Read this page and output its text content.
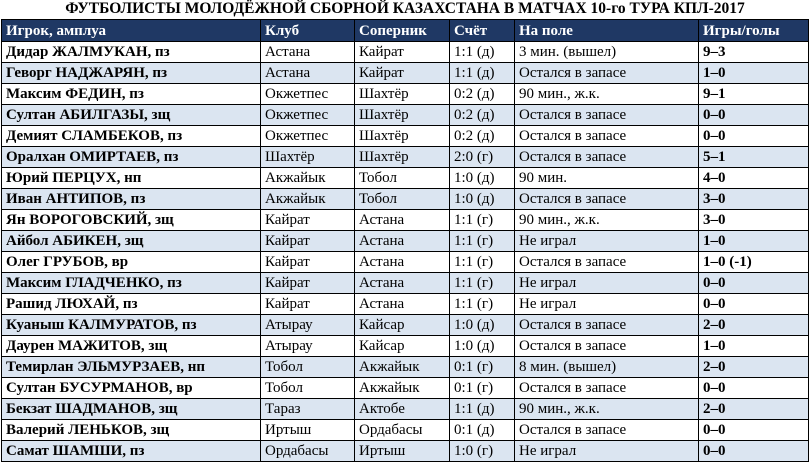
ФУТБОЛИСТЫ МОЛОДЁЖНОЙ СБОРНОЙ КАЗАХСТАНА В МАТЧАХ 10-го ТУРА КПЛ-2017
Игрок, амплуа	Клуб	Соперник	Счёт	На поле	Игры/голы
Дидар ЖАЛМУКАН, пз	Астана	Кайрат	1:1 (д)	3 мин. (вышел)	9–3
Геворг НАДЖАРЯН, пз	Астана	Кайрат	1:1 (д)	Остался в запасе	1–0
Максим ФЕДИН, пз	Окжетпес	Шахтёр	0:2 (д)	90 мин., ж.к.	9–1
Султан АБИЛГАЗЫ, зщ	Окжетпес	Шахтёр	0:2 (д)	Остался в запасе	0–0
Демият СЛАМБЕКОВ, пз	Окжетпес	Шахтёр	0:2 (д)	Остался в запасе	0–0
Оралхан ОМИРТАЕВ, пз	Шахтёр	Шахтёр	2:0 (г)	Остался в запасе	5–1
Юрий ПЕРЦУХ, нп	Акжайык	Тобол	1:0 (д)	90 мин.	4–0
Иван АНТИПОВ, пз	Акжайык	Тобол	1:0 (д)	Остался в запасе	3–0
Ян ВОРОГОВСКИЙ, зщ	Кайрат	Астана	1:1 (г)	90 мин., ж.к.	3–0
Айбол АБИКЕН, зщ	Кайрат	Астана	1:1 (г)	Не играл	1–0
Олег ГРУБОВ, вр	Кайрат	Астана	1:1 (г)	Остался в запасе	1–0 (-1)
Максим ГЛАДЧЕНКО, пз	Кайрат	Астана	1:1 (г)	Не играл	0–0
Рашид ЛЮХАЙ, пз	Кайрат	Астана	1:1 (г)	Не играл	0–0
Куаныш КАЛМУРАТОВ, пз	Атырау	Кайсар	1:0 (д)	Остался в запасе	2–0
Даурен МАЖИТОВ, зщ	Атырау	Кайсар	1:0 (д)	Остался в запасе	1–0
Темирлан ЭЛЬМУРЗАЕВ, нп	Тобол	Акжайык	0:1 (г)	8 мин. (вышел)	2–0
Султан БУСУРМАНОВ, вр	Тобол	Акжайык	0:1 (г)	Остался в запасе	0–0
Бекзат ШАДМАНОВ, зщ	Тараз	Актобе	1:1 (д)	90 мин., ж.к.	2–0
Валерий ЛЕНЬКОВ, зщ	Иртыш	Ордабасы	0:1 (д)	Остался в запасе	0–0
Самат ШАМШИ, пз	Ордабасы	Иртыш	1:0 (г)	Не играл	0–0
